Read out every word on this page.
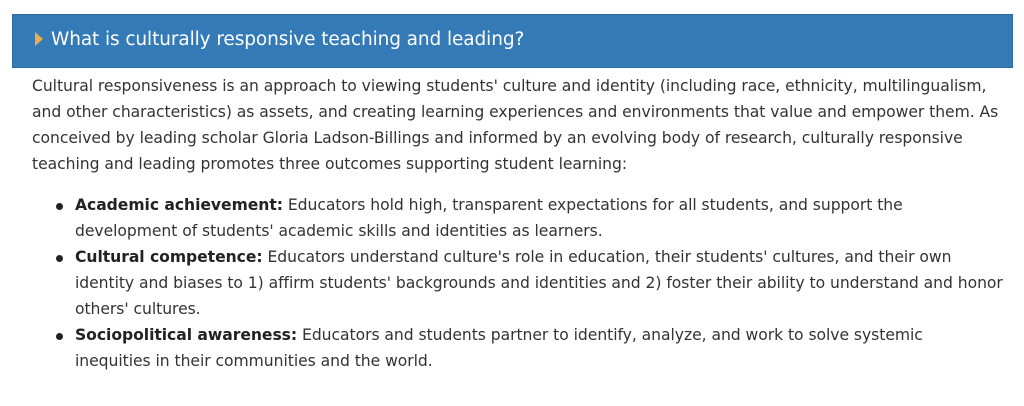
What is culturally responsive teaching and leading?

Cultural responsiveness is an approach to viewing students' culture and identity (including race, ethnicity, multilingualism, and other characteristics) as assets, and creating learning experiences and environments that value and empower them. As conceived by leading scholar Gloria Ladson-Billings and informed by an evolving body of research, culturally responsive teaching and leading promotes three outcomes supporting student learning:

Academic achievement: Educators hold high, transparent expectations for all students, and support the development of students' academic skills and identities as learners.
Cultural competence: Educators understand culture's role in education, their students' cultures, and their own identity and biases to 1) affirm students' backgrounds and identities and 2) foster their ability to understand and honor others' cultures.
Sociopolitical awareness: Educators and students partner to identify, analyze, and work to solve systemic inequities in their communities and the world.
